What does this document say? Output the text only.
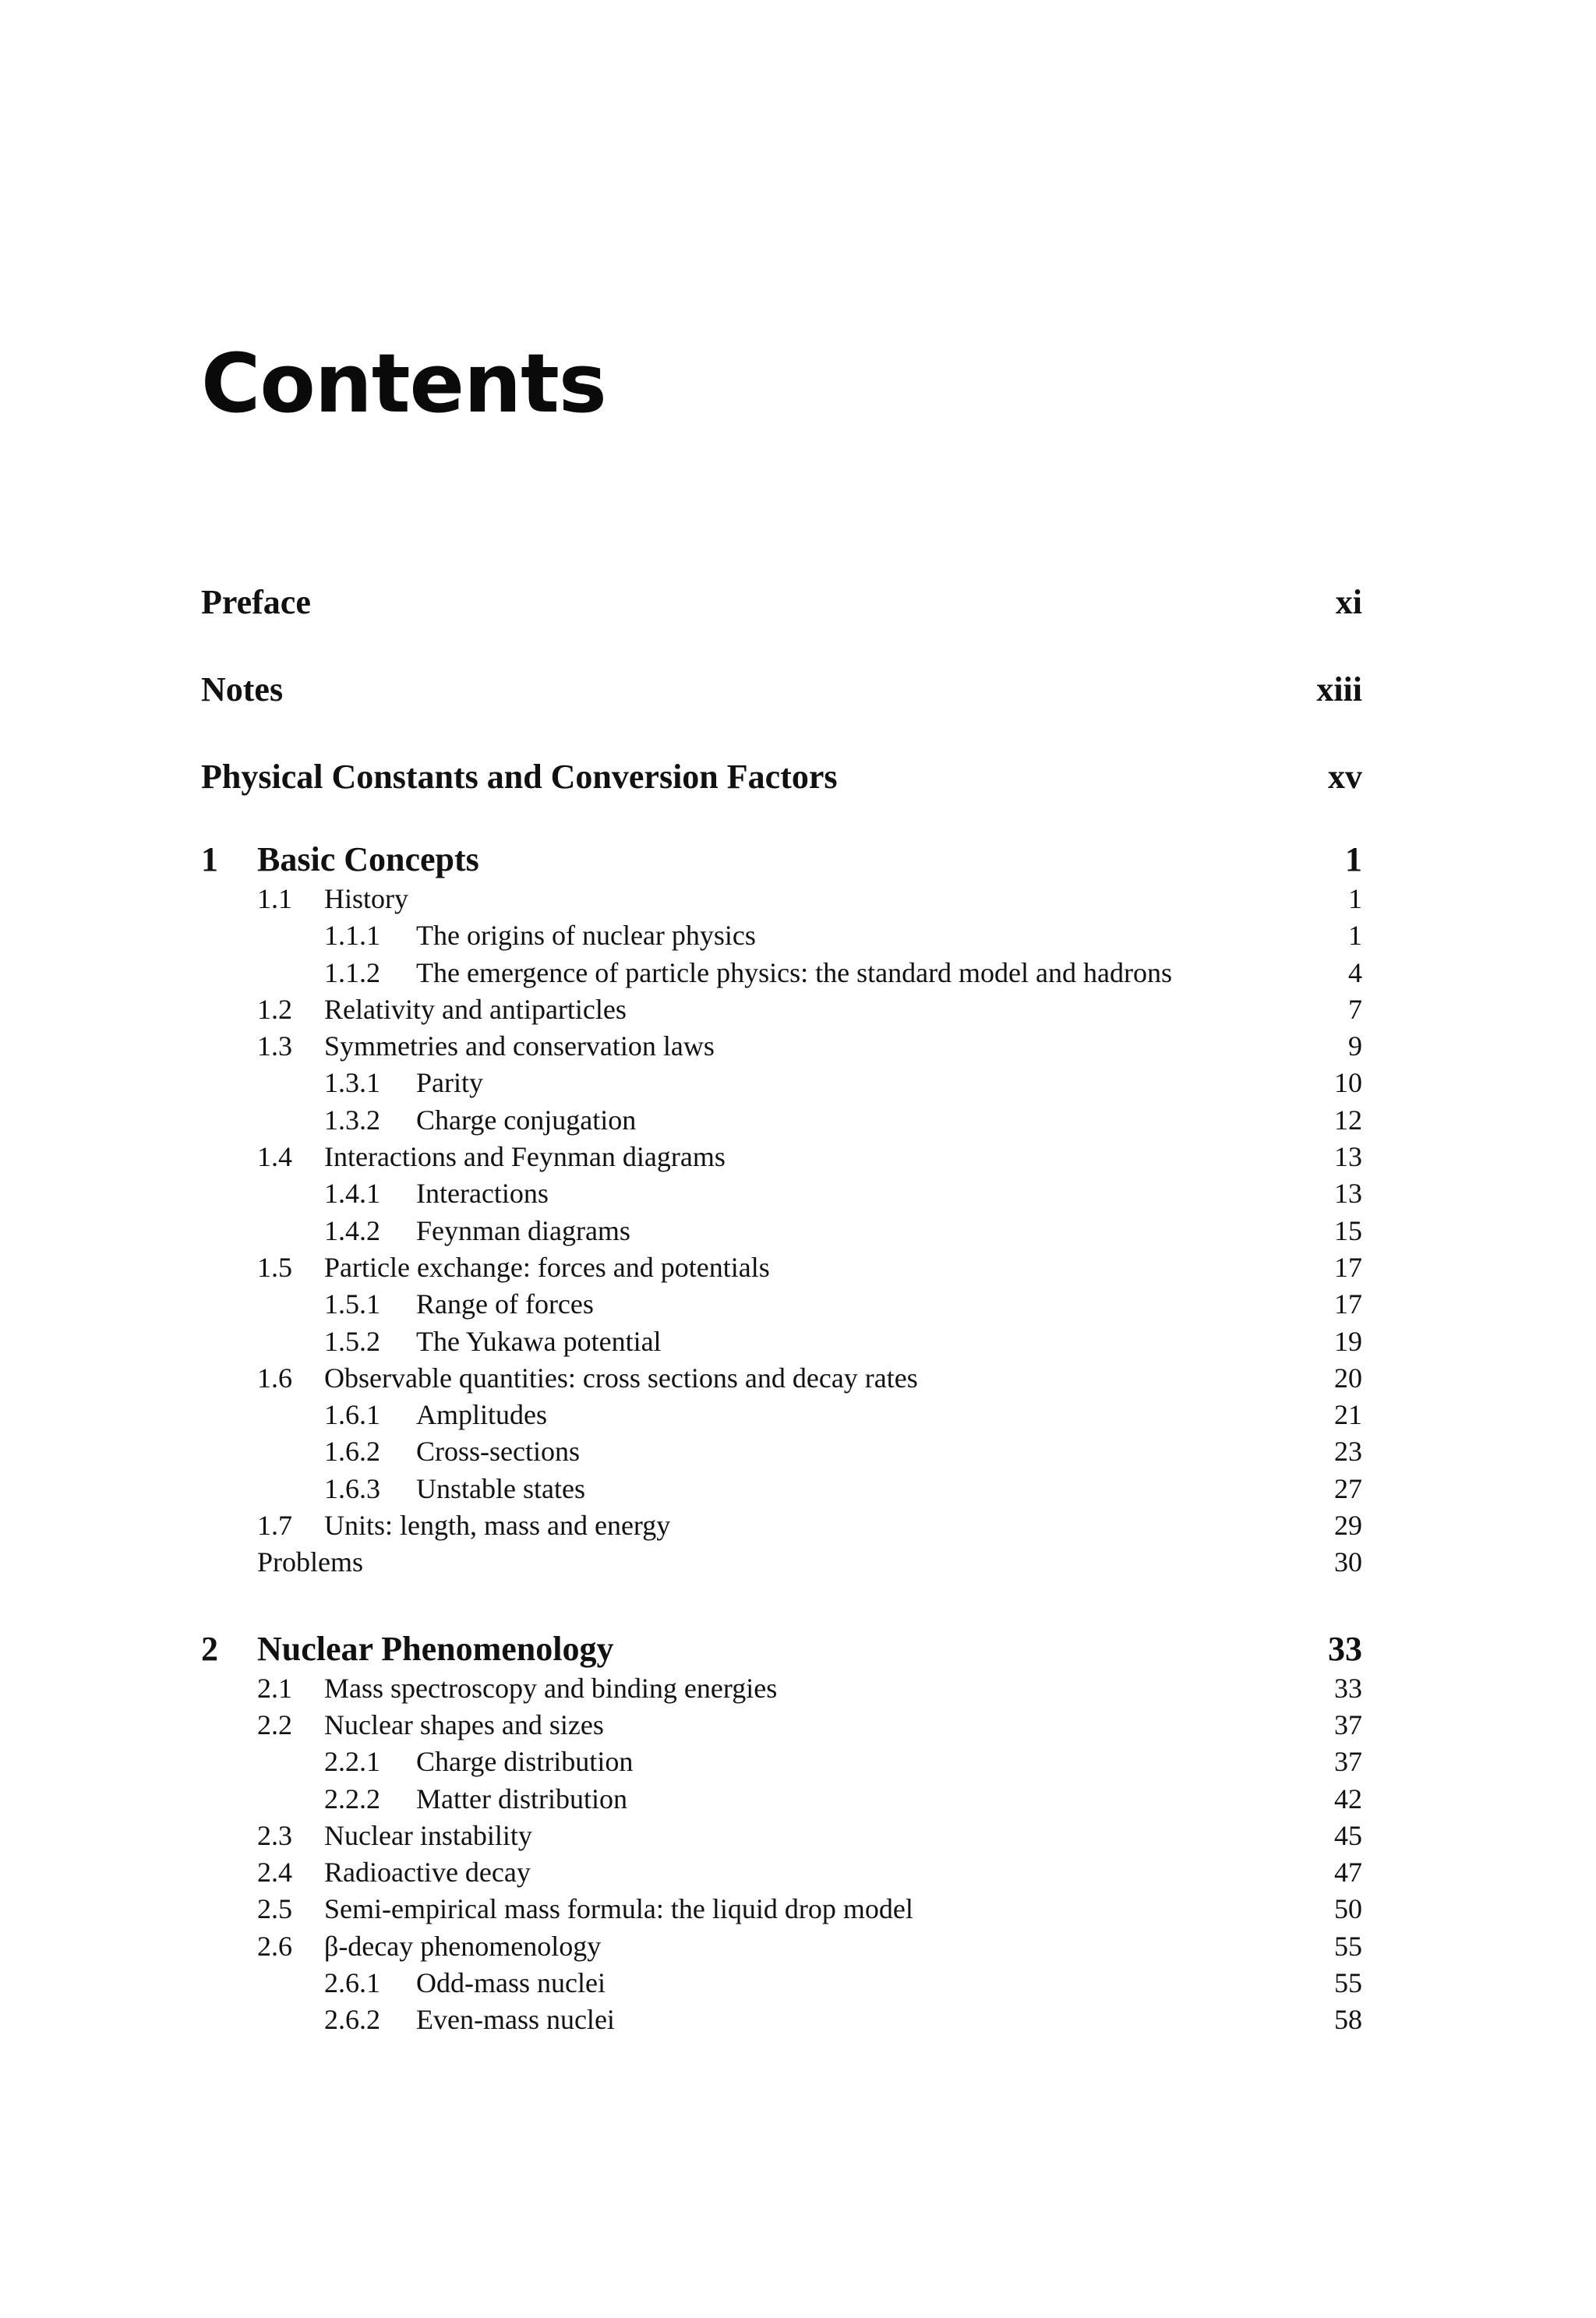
Contents
Preface	xi
Notes	xiii
Physical Constants and Conversion Factors	xv
1 Basic Concepts	1
1.1 History	1
1.1.1 The origins of nuclear physics	1
1.1.2 The emergence of particle physics: the standard model and hadrons	4
1.2 Relativity and antiparticles	7
1.3 Symmetries and conservation laws	9
1.3.1 Parity	10
1.3.2 Charge conjugation	12
1.4 Interactions and Feynman diagrams	13
1.4.1 Interactions	13
1.4.2 Feynman diagrams	15
1.5 Particle exchange: forces and potentials	17
1.5.1 Range of forces	17
1.5.2 The Yukawa potential	19
1.6 Observable quantities: cross sections and decay rates	20
1.6.1 Amplitudes	21
1.6.2 Cross-sections	23
1.6.3 Unstable states	27
1.7 Units: length, mass and energy	29
Problems	30
2 Nuclear Phenomenology	33
2.1 Mass spectroscopy and binding energies	33
2.2 Nuclear shapes and sizes	37
2.2.1 Charge distribution	37
2.2.2 Matter distribution	42
2.3 Nuclear instability	45
2.4 Radioactive decay	47
2.5 Semi-empirical mass formula: the liquid drop model	50
2.6 β-decay phenomenology	55
2.6.1 Odd-mass nuclei	55
2.6.2 Even-mass nuclei	58
